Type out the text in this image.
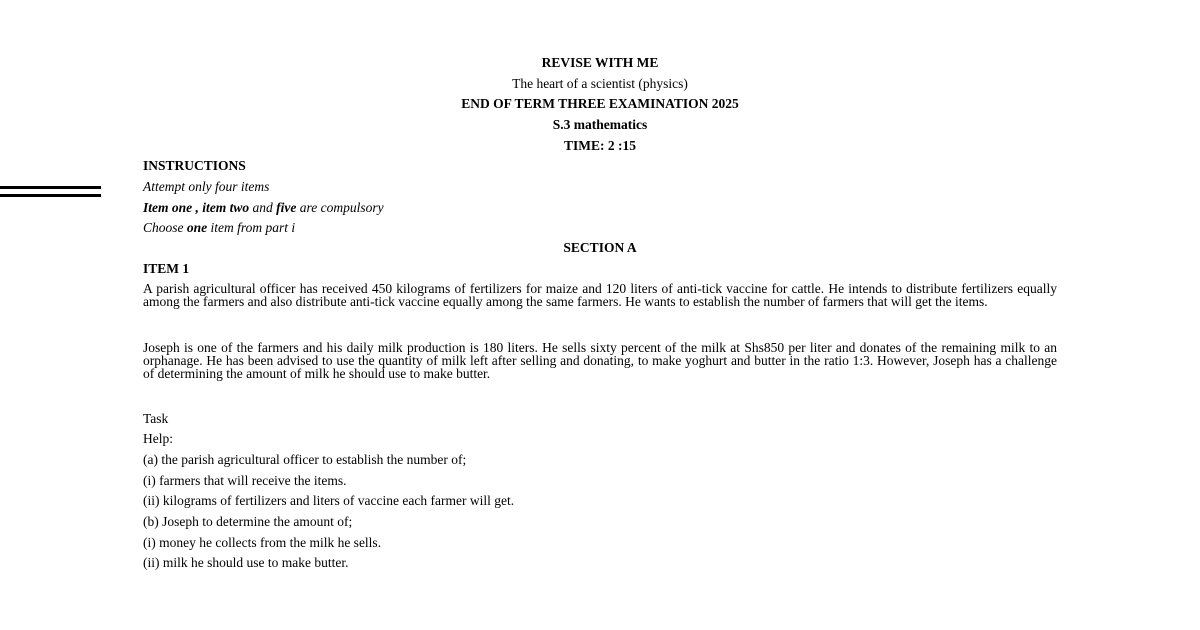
REVISE WITH ME
The heart of a scientist (physics)
END OF TERM THREE EXAMINATION 2025
S.3 mathematics
TIME: 2 :15
INSTRUCTIONS
Attempt only four items
Item one , item two and five are compulsory
Choose one item from part i
SECTION A
ITEM 1
A parish agricultural officer has received 450 kilograms of fertilizers for maize and 120 liters of anti-tick vaccine for cattle. He intends to distribute fertilizers equally among the farmers and also distribute anti-tick vaccine equally among the same farmers. He wants to establish the number of farmers that will get the items.
Joseph is one of the farmers and his daily milk production is 180 liters. He sells sixty percent of the milk at Shs850 per liter and donates of the remaining milk to an orphanage. He has been advised to use the quantity of milk left after selling and donating, to make yoghurt and butter in the ratio 1:3. However, Joseph has a challenge of determining the amount of milk he should use to make butter.
Task
Help:
(a) the parish agricultural officer to establish the number of;
(i) farmers that will receive the items.
(ii) kilograms of fertilizers and liters of vaccine each farmer will get.
(b) Joseph to determine the amount of;
(i) money he collects from the milk he sells.
(ii) milk he should use to make butter.
